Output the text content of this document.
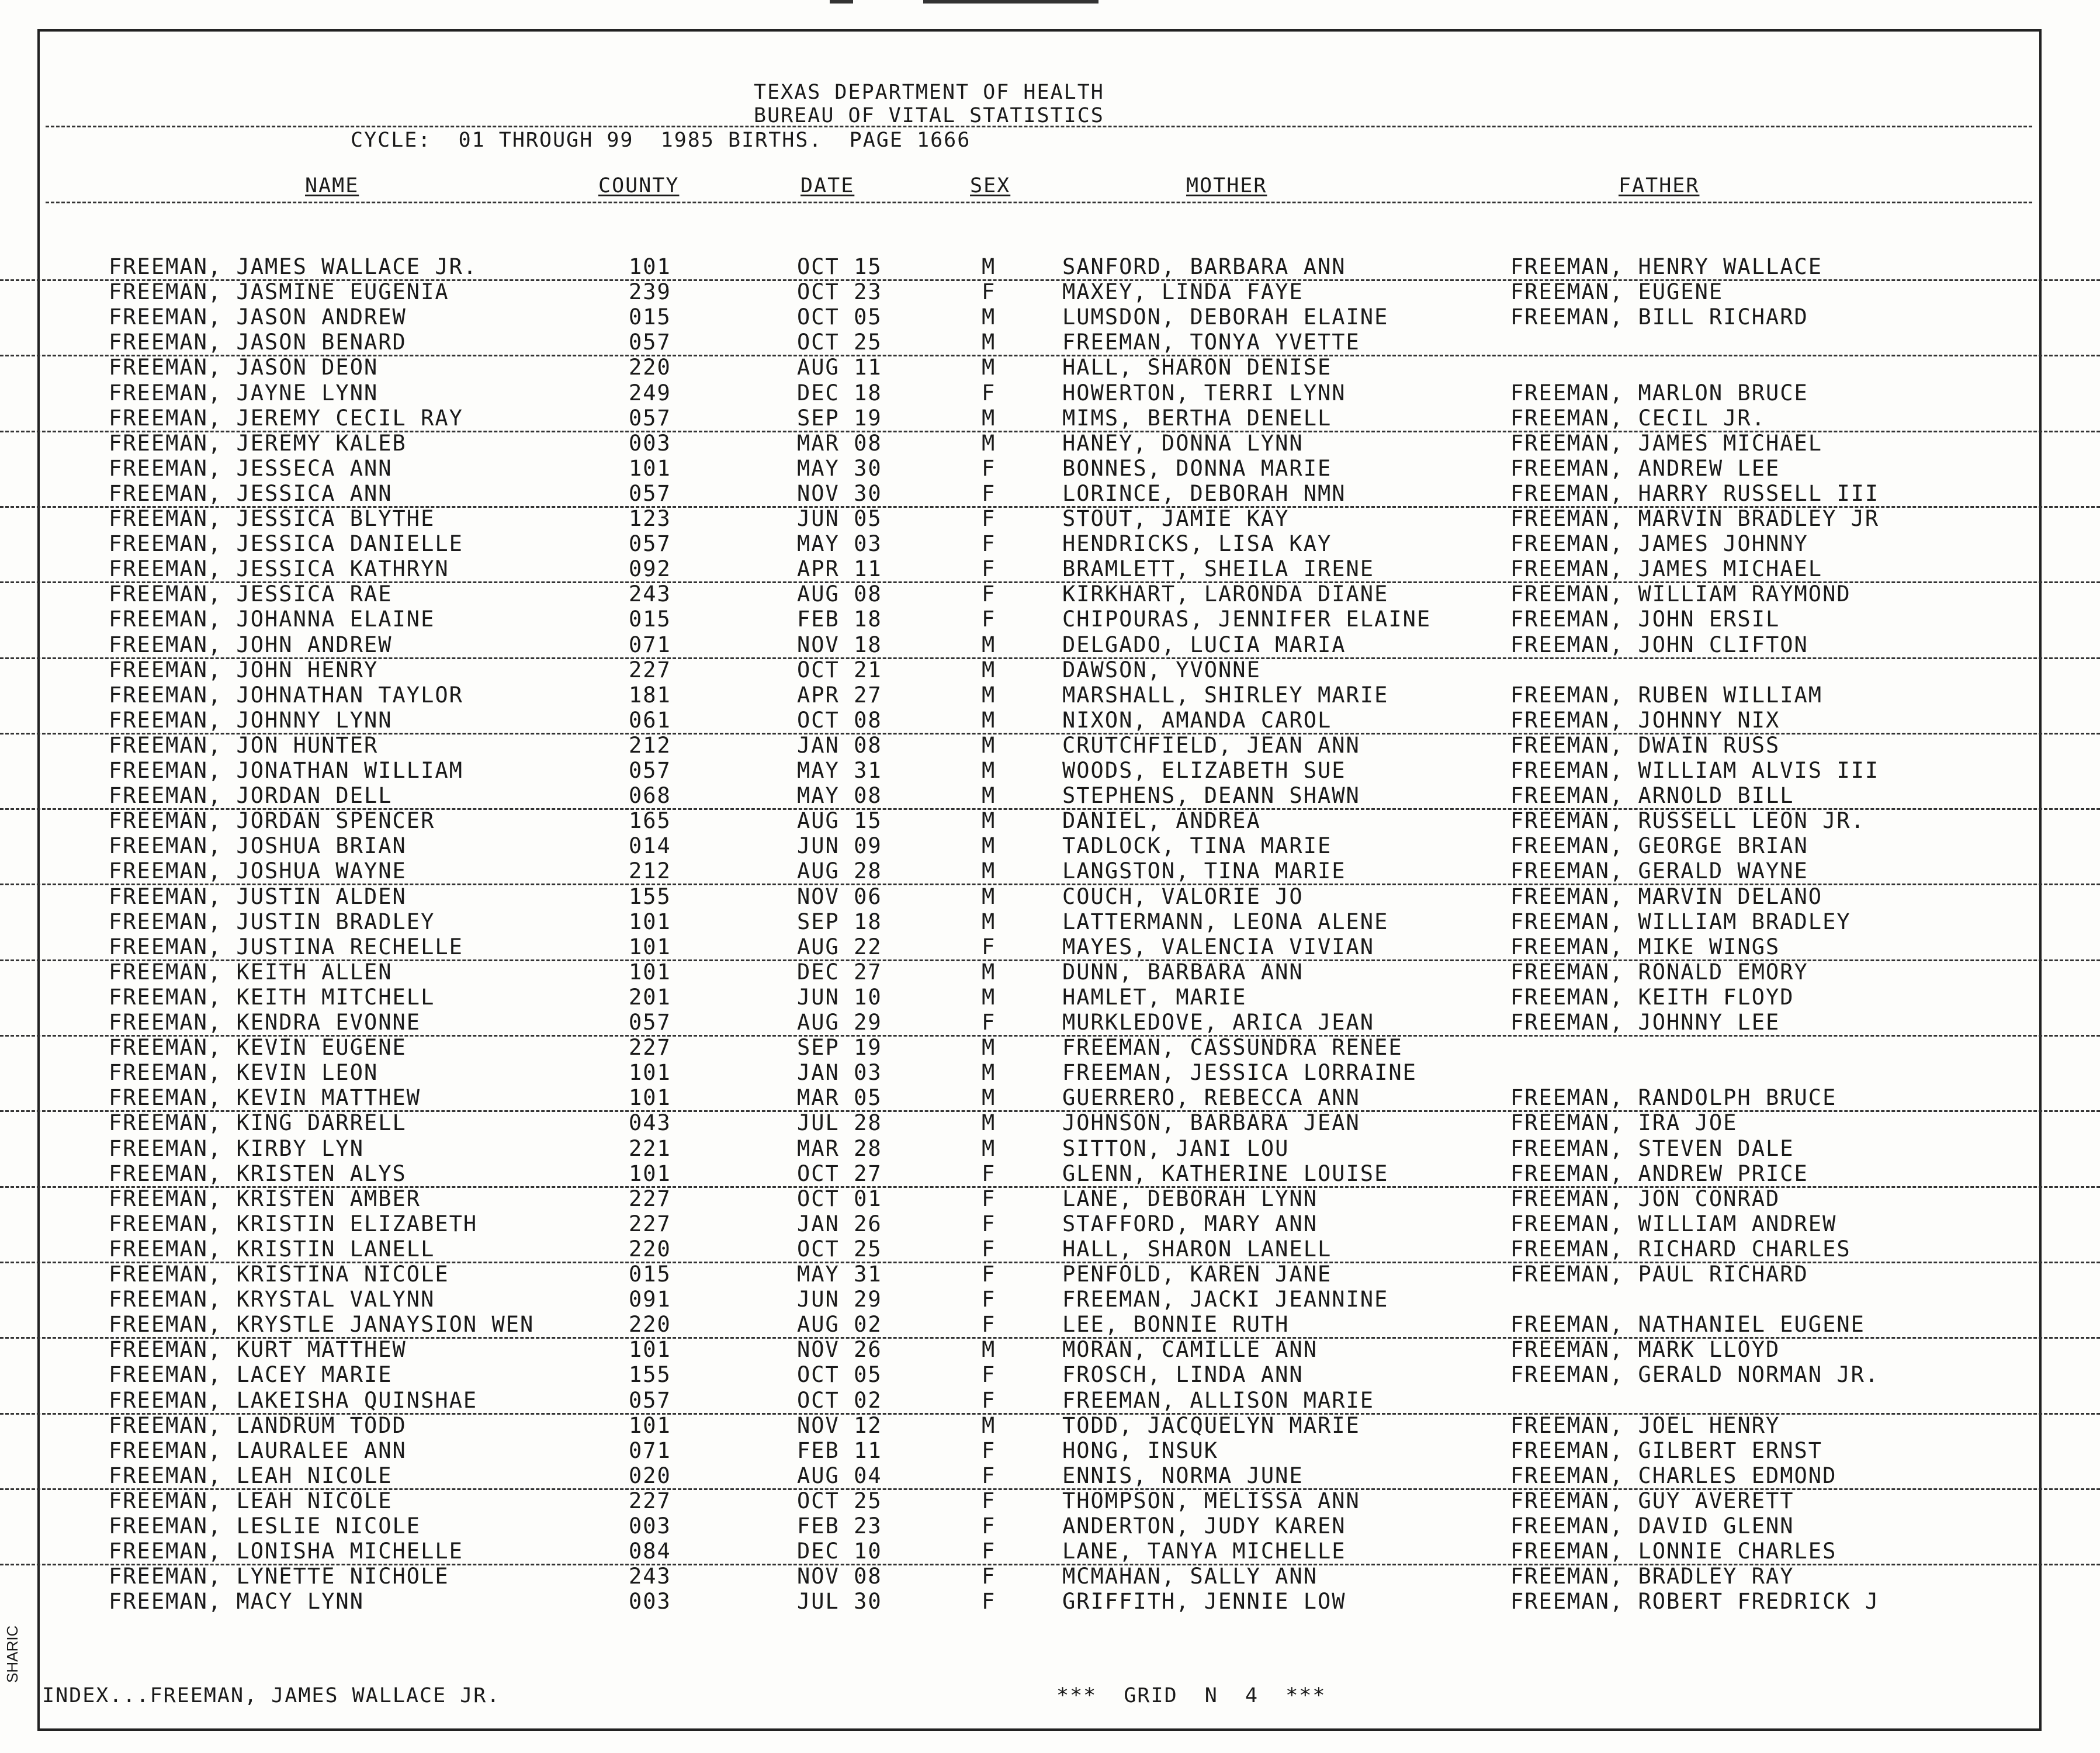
TEXAS DEPARTMENT OF HEALTH
BUREAU OF VITAL STATISTICS
CYCLE:  01 THROUGH 99  1985 BIRTHS.  PAGE 1666
NAME	COUNTY	DATE	SEX	MOTHER	FATHER
FREEMAN, JAMES WALLACE JR.	101	OCT 15	M	SANFORD, BARBARA ANN	FREEMAN, HENRY WALLACE
FREEMAN, JASMINE EUGENIA	239	OCT 23	F	MAXEY, LINDA FAYE	FREEMAN, EUGENE
FREEMAN, JASON ANDREW	015	OCT 05	M	LUMSDON, DEBORAH ELAINE	FREEMAN, BILL RICHARD
FREEMAN, JASON BENARD	057	OCT 25	M	FREEMAN, TONYA YVETTE
FREEMAN, JASON DEON	220	AUG 11	M	HALL, SHARON DENISE
FREEMAN, JAYNE LYNN	249	DEC 18	F	HOWERTON, TERRI LYNN	FREEMAN, MARLON BRUCE
FREEMAN, JEREMY CECIL RAY	057	SEP 19	M	MIMS, BERTHA DENELL	FREEMAN, CECIL JR.
FREEMAN, JEREMY KALEB	003	MAR 08	M	HANEY, DONNA LYNN	FREEMAN, JAMES MICHAEL
FREEMAN, JESSECA ANN	101	MAY 30	F	BONNES, DONNA MARIE	FREEMAN, ANDREW LEE
FREEMAN, JESSICA ANN	057	NOV 30	F	LORINCE, DEBORAH NMN	FREEMAN, HARRY RUSSELL III
FREEMAN, JESSICA BLYTHE	123	JUN 05	F	STOUT, JAMIE KAY	FREEMAN, MARVIN BRADLEY JR
FREEMAN, JESSICA DANIELLE	057	MAY 03	F	HENDRICKS, LISA KAY	FREEMAN, JAMES JOHNNY
FREEMAN, JESSICA KATHRYN	092	APR 11	F	BRAMLETT, SHEILA IRENE	FREEMAN, JAMES MICHAEL
FREEMAN, JESSICA RAE	243	AUG 08	F	KIRKHART, LARONDA DIANE	FREEMAN, WILLIAM RAYMOND
FREEMAN, JOHANNA ELAINE	015	FEB 18	F	CHIPOURAS, JENNIFER ELAINE	FREEMAN, JOHN ERSIL
FREEMAN, JOHN ANDREW	071	NOV 18	M	DELGADO, LUCIA MARIA	FREEMAN, JOHN CLIFTON
FREEMAN, JOHN HENRY	227	OCT 21	M	DAWSON, YVONNE
FREEMAN, JOHNATHAN TAYLOR	181	APR 27	M	MARSHALL, SHIRLEY MARIE	FREEMAN, RUBEN WILLIAM
FREEMAN, JOHNNY LYNN	061	OCT 08	M	NIXON, AMANDA CAROL	FREEMAN, JOHNNY NIX
FREEMAN, JON HUNTER	212	JAN 08	M	CRUTCHFIELD, JEAN ANN	FREEMAN, DWAIN RUSS
FREEMAN, JONATHAN WILLIAM	057	MAY 31	M	WOODS, ELIZABETH SUE	FREEMAN, WILLIAM ALVIS III
FREEMAN, JORDAN DELL	068	MAY 08	M	STEPHENS, DEANN SHAWN	FREEMAN, ARNOLD BILL
FREEMAN, JORDAN SPENCER	165	AUG 15	M	DANIEL, ANDREA	FREEMAN, RUSSELL LEON JR.
FREEMAN, JOSHUA BRIAN	014	JUN 09	M	TADLOCK, TINA MARIE	FREEMAN, GEORGE BRIAN
FREEMAN, JOSHUA WAYNE	212	AUG 28	M	LANGSTON, TINA MARIE	FREEMAN, GERALD WAYNE
FREEMAN, JUSTIN ALDEN	155	NOV 06	M	COUCH, VALORIE JO	FREEMAN, MARVIN DELANO
FREEMAN, JUSTIN BRADLEY	101	SEP 18	M	LATTERMANN, LEONA ALENE	FREEMAN, WILLIAM BRADLEY
FREEMAN, JUSTINA RECHELLE	101	AUG 22	F	MAYES, VALENCIA VIVIAN	FREEMAN, MIKE WINGS
FREEMAN, KEITH ALLEN	101	DEC 27	M	DUNN, BARBARA ANN	FREEMAN, RONALD EMORY
FREEMAN, KEITH MITCHELL	201	JUN 10	M	HAMLET, MARIE	FREEMAN, KEITH FLOYD
FREEMAN, KENDRA EVONNE	057	AUG 29	F	MURKLEDOVE, ARICA JEAN	FREEMAN, JOHNNY LEE
FREEMAN, KEVIN EUGENE	227	SEP 19	M	FREEMAN, CASSUNDRA RENEE
FREEMAN, KEVIN LEON	101	JAN 03	M	FREEMAN, JESSICA LORRAINE
FREEMAN, KEVIN MATTHEW	101	MAR 05	M	GUERRERO, REBECCA ANN	FREEMAN, RANDOLPH BRUCE
FREEMAN, KING DARRELL	043	JUL 28	M	JOHNSON, BARBARA JEAN	FREEMAN, IRA JOE
FREEMAN, KIRBY LYN	221	MAR 28	M	SITTON, JANI LOU	FREEMAN, STEVEN DALE
FREEMAN, KRISTEN ALYS	101	OCT 27	F	GLENN, KATHERINE LOUISE	FREEMAN, ANDREW PRICE
FREEMAN, KRISTEN AMBER	227	OCT 01	F	LANE, DEBORAH LYNN	FREEMAN, JON CONRAD
FREEMAN, KRISTIN ELIZABETH	227	JAN 26	F	STAFFORD, MARY ANN	FREEMAN, WILLIAM ANDREW
FREEMAN, KRISTIN LANELL	220	OCT 25	F	HALL, SHARON LANELL	FREEMAN, RICHARD CHARLES
FREEMAN, KRISTINA NICOLE	015	MAY 31	F	PENFOLD, KAREN JANE	FREEMAN, PAUL RICHARD
FREEMAN, KRYSTAL VALYNN	091	JUN 29	F	FREEMAN, JACKI JEANNINE
FREEMAN, KRYSTLE JANAYSION WEN	220	AUG 02	F	LEE, BONNIE RUTH	FREEMAN, NATHANIEL EUGENE
FREEMAN, KURT MATTHEW	101	NOV 26	M	MORAN, CAMILLE ANN	FREEMAN, MARK LLOYD
FREEMAN, LACEY MARIE	155	OCT 05	F	FROSCH, LINDA ANN	FREEMAN, GERALD NORMAN JR.
FREEMAN, LAKEISHA QUINSHAE	057	OCT 02	F	FREEMAN, ALLISON MARIE
FREEMAN, LANDRUM TODD	101	NOV 12	M	TODD, JACQUELYN MARIE	FREEMAN, JOEL HENRY
FREEMAN, LAURALEE ANN	071	FEB 11	F	HONG, INSUK	FREEMAN, GILBERT ERNST
FREEMAN, LEAH NICOLE	020	AUG 04	F	ENNIS, NORMA JUNE	FREEMAN, CHARLES EDMOND
FREEMAN, LEAH NICOLE	227	OCT 25	F	THOMPSON, MELISSA ANN	FREEMAN, GUY AVERETT
FREEMAN, LESLIE NICOLE	003	FEB 23	F	ANDERTON, JUDY KAREN	FREEMAN, DAVID GLENN
FREEMAN, LONISHA MICHELLE	084	DEC 10	F	LANE, TANYA MICHELLE	FREEMAN, LONNIE CHARLES
FREEMAN, LYNETTE NICHOLE	243	NOV 08	F	MCMAHAN, SALLY ANN	FREEMAN, BRADLEY RAY
FREEMAN, MACY LYNN	003	JUL 30	F	GRIFFITH, JENNIE LOW	FREEMAN, ROBERT FREDRICK J
INDEX...FREEMAN, JAMES WALLACE JR.	***  GRID  N  4  ***
SHARIC
